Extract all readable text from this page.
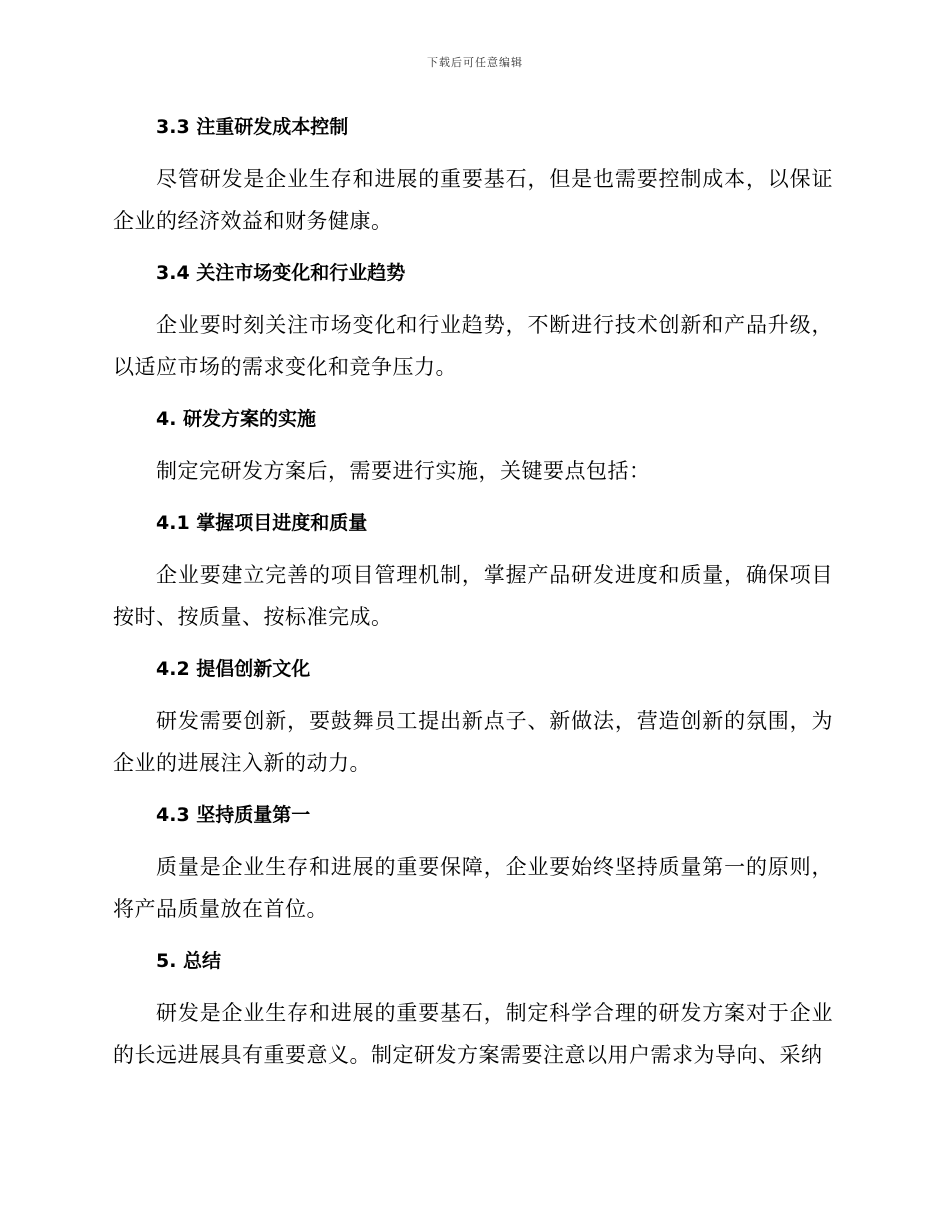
下载后可任意编辑
3.3 注重研发成本控制

尽管研发是企业生存和进展的重要基石，但是也需要控制成本，以保证企业的经济效益和财务健康。

3.4 关注市场变化和行业趋势

企业要时刻关注市场变化和行业趋势，不断进行技术创新和产品升级，以适应市场的需求变化和竞争压力。

4. 研发方案的实施

制定完研发方案后，需要进行实施，关键要点包括：

4.1 掌握项目进度和质量

企业要建立完善的项目管理机制，掌握产品研发进度和质量，确保项目按时、按质量、按标准完成。

4.2 提倡创新文化

研发需要创新，要鼓舞员工提出新点子、新做法，营造创新的氛围，为企业的进展注入新的动力。

4.3 坚持质量第一

质量是企业生存和进展的重要保障，企业要始终坚持质量第一的原则，将产品质量放在首位。

5. 总结

研发是企业生存和进展的重要基石，制定科学合理的研发方案对于企业的长远进展具有重要意义。制定研发方案需要注意以用户需求为导向、采纳
